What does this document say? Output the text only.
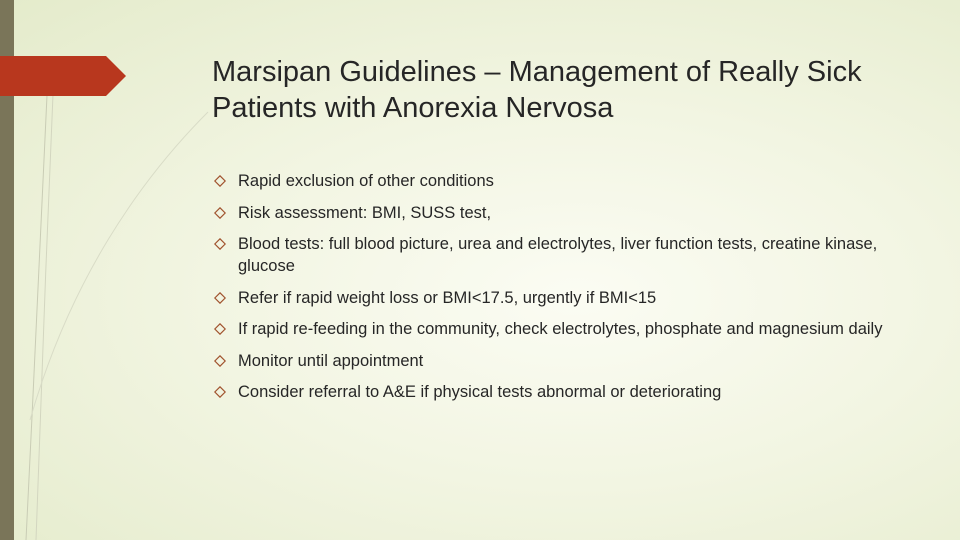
Marsipan Guidelines – Management of Really Sick Patients with Anorexia Nervosa
Rapid exclusion of other conditions
Risk assessment: BMI, SUSS test,
Blood tests: full blood picture, urea and electrolytes, liver function tests, creatine kinase, glucose
Refer if rapid weight loss or BMI<17.5, urgently if BMI<15
If rapid re-feeding in the community, check electrolytes, phosphate and magnesium daily
Monitor until appointment
Consider referral to A&E if physical tests abnormal or deteriorating
